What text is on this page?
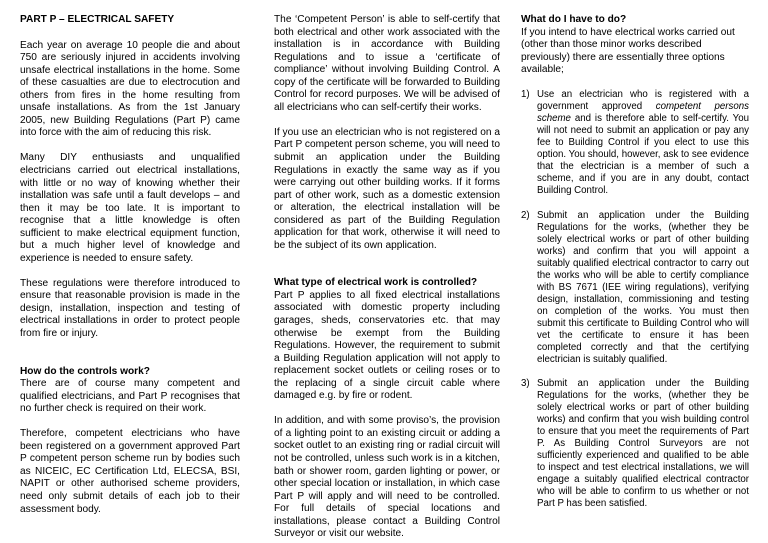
PART P – ELECTRICAL SAFETY

Each year on average 10 people die and about 750 are seriously injured in accidents involving unsafe electrical installations in the home. Some of these casualties are due to electrocution and others from fires in the home resulting from unsafe installations. As from the 1st January 2005, new Building Regulations (Part P) came into force with the aim of reducing this risk.

Many DIY enthusiasts and unqualified electricians carried out electrical installations, with little or no way of knowing whether their installation was safe until a fault develops – and then it may be too late. It is important to recognise that a little knowledge is often sufficient to make electrical equipment function, but a much higher level of knowledge and experience is needed to ensure safety.

These regulations were therefore introduced to ensure that reasonable provision is made in the design, installation, inspection and testing of electrical installations in order to protect people from fire or injury.

How do the controls work?

There are of course many competent and qualified electricians, and Part P recognises that no further check is required on their work.

Therefore, competent electricians who have been registered on a government approved Part P competent person scheme run by bodies such as NICEIC, EC Certification Ltd, ELECSA, BSI, NAPIT or other authorised scheme providers, need only submit details of each job to their assessment body.

The ‘Competent Person’ is able to self-certify that both electrical and other work associated with the installation is in accordance with Building Regulations and to issue a ‘certificate of compliance’ without involving Building Control. A copy of the certificate will be forwarded to Building Control for record purposes. We will be advised of all electricians who can self-certify their works.

If you use an electrician who is not registered on a Part P competent person scheme, you will need to submit an application under the Building Regulations in exactly the same way as if you were carrying out other building works. If it forms part of other work, such as a domestic extension or alteration, the electrical installation will be considered as part of the Building Regulation application for that work, otherwise it will need to be the subject of its own application.

What type of electrical work is controlled?

Part P applies to all fixed electrical installations associated with domestic property including garages, sheds, conservatories etc. that may otherwise be exempt from the Building Regulations. However, the requirement to submit a Building Regulation application will not apply to replacement socket outlets or ceiling roses or to the replacing of a single circuit cable where damaged e.g. by fire or rodent.

In addition, and with some proviso’s, the provision of a lighting point to an existing circuit or adding a socket outlet to an existing ring or radial circuit will not be controlled, unless such work is in a kitchen, bath or shower room, garden lighting or power, or other special location or installation, in which case Part P will apply and will need to be controlled. For full details of special locations and installations, please contact a Building Control Surveyor or visit our website.

What do I have to do?

If you intend to have electrical works carried out (other than those minor works described previously) there are essentially three options available;

1) Use an electrician who is registered with a government approved competent persons scheme and is therefore able to self-certify. You will not need to submit an application or pay any fee to Building Control if you elect to use this option. You should, however, ask to see evidence that the electrician is a member of such a scheme, and if you are in any doubt, contact Building Control.
2) Submit an application under the Building Regulations for the works, (whether they be solely electrical works or part of other building works) and confirm that you will appoint a suitably qualified electrical contractor to carry out the works who will be able to certify compliance with BS 7671 (IEE wiring regulations), verifying design, installation, commissioning and testing on completion of the works. You must then submit this certificate to Building Control who will vet the certificate to ensure it has been completed correctly and that the certifying electrician is suitably qualified.
3) Submit an application under the Building Regulations for the works, (whether they be solely electrical works or part of other building works) and confirm that you wish building control to ensure that you meet the requirements of Part P. As Building Control Surveyors are not sufficiently experienced and qualified to be able to inspect and test electrical installations, we will engage a suitably qualified electrical contractor who will be able to confirm to us whether or not Part P has been satisfied.
